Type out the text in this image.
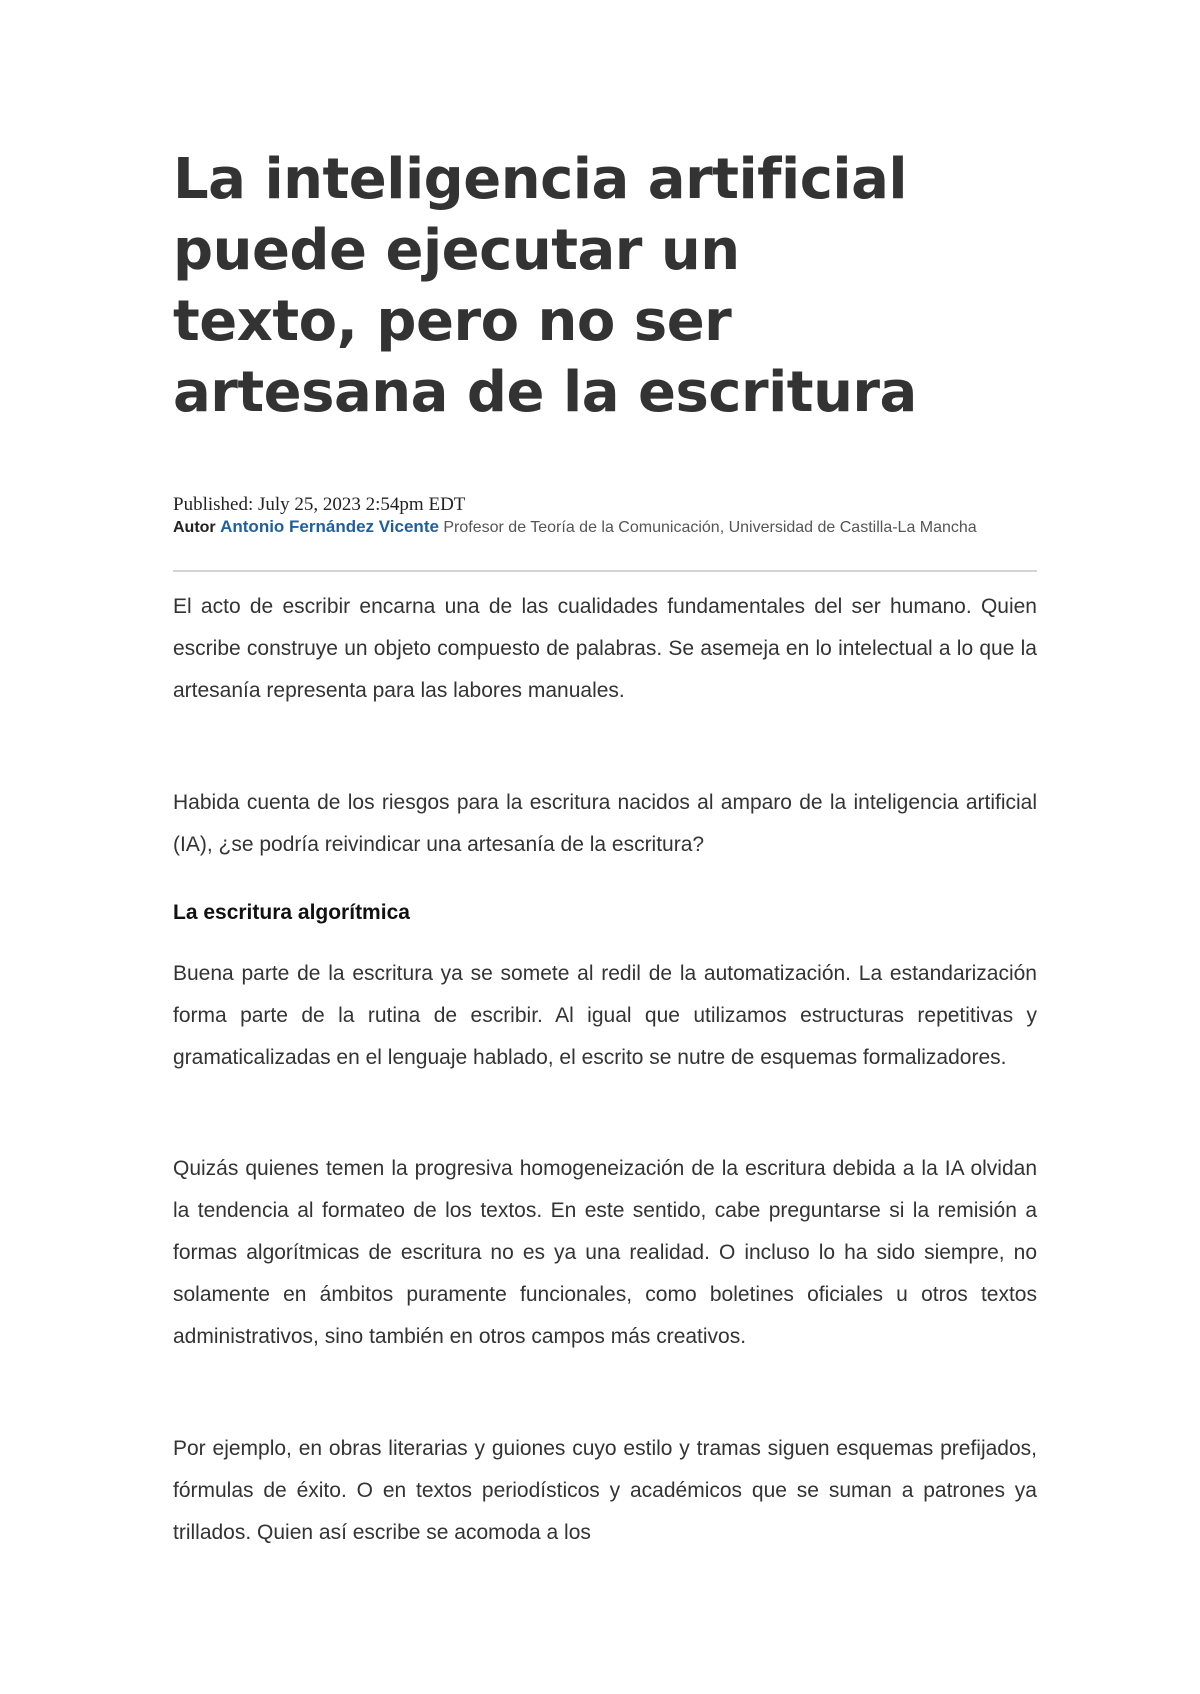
La inteligencia artificial puede ejecutar un texto, pero no ser artesana de la escritura
Published: July 25, 2023 2:54pm EDT
Autor Antonio Fernández Vicente Profesor de Teoría de la Comunicación, Universidad de Castilla-La Mancha

El acto de escribir encarna una de las cualidades fundamentales del ser humano. Quien escribe construye un objeto compuesto de palabras. Se asemeja en lo intelectual a lo que la artesanía representa para las labores manuales.

Habida cuenta de los riesgos para la escritura nacidos al amparo de la inteligencia artificial (IA), ¿se podría reivindicar una artesanía de la escritura?

La escritura algorítmica

Buena parte de la escritura ya se somete al redil de la automatización. La estandarización forma parte de la rutina de escribir. Al igual que utilizamos estructuras repetitivas y gramaticalizadas en el lenguaje hablado, el escrito se nutre de esquemas formalizadores.

Quizás quienes temen la progresiva homogeneización de la escritura debida a la IA olvidan la tendencia al formateo de los textos. En este sentido, cabe preguntarse si la remisión a formas algorítmicas de escritura no es ya una realidad. O incluso lo ha sido siempre, no solamente en ámbitos puramente funcionales, como boletines oficiales u otros textos administrativos, sino también en otros campos más creativos.

Por ejemplo, en obras literarias y guiones cuyo estilo y tramas siguen esquemas prefijados, fórmulas de éxito. O en textos periodísticos y académicos que se suman a patrones ya trillados. Quien así escribe se acomoda a los
